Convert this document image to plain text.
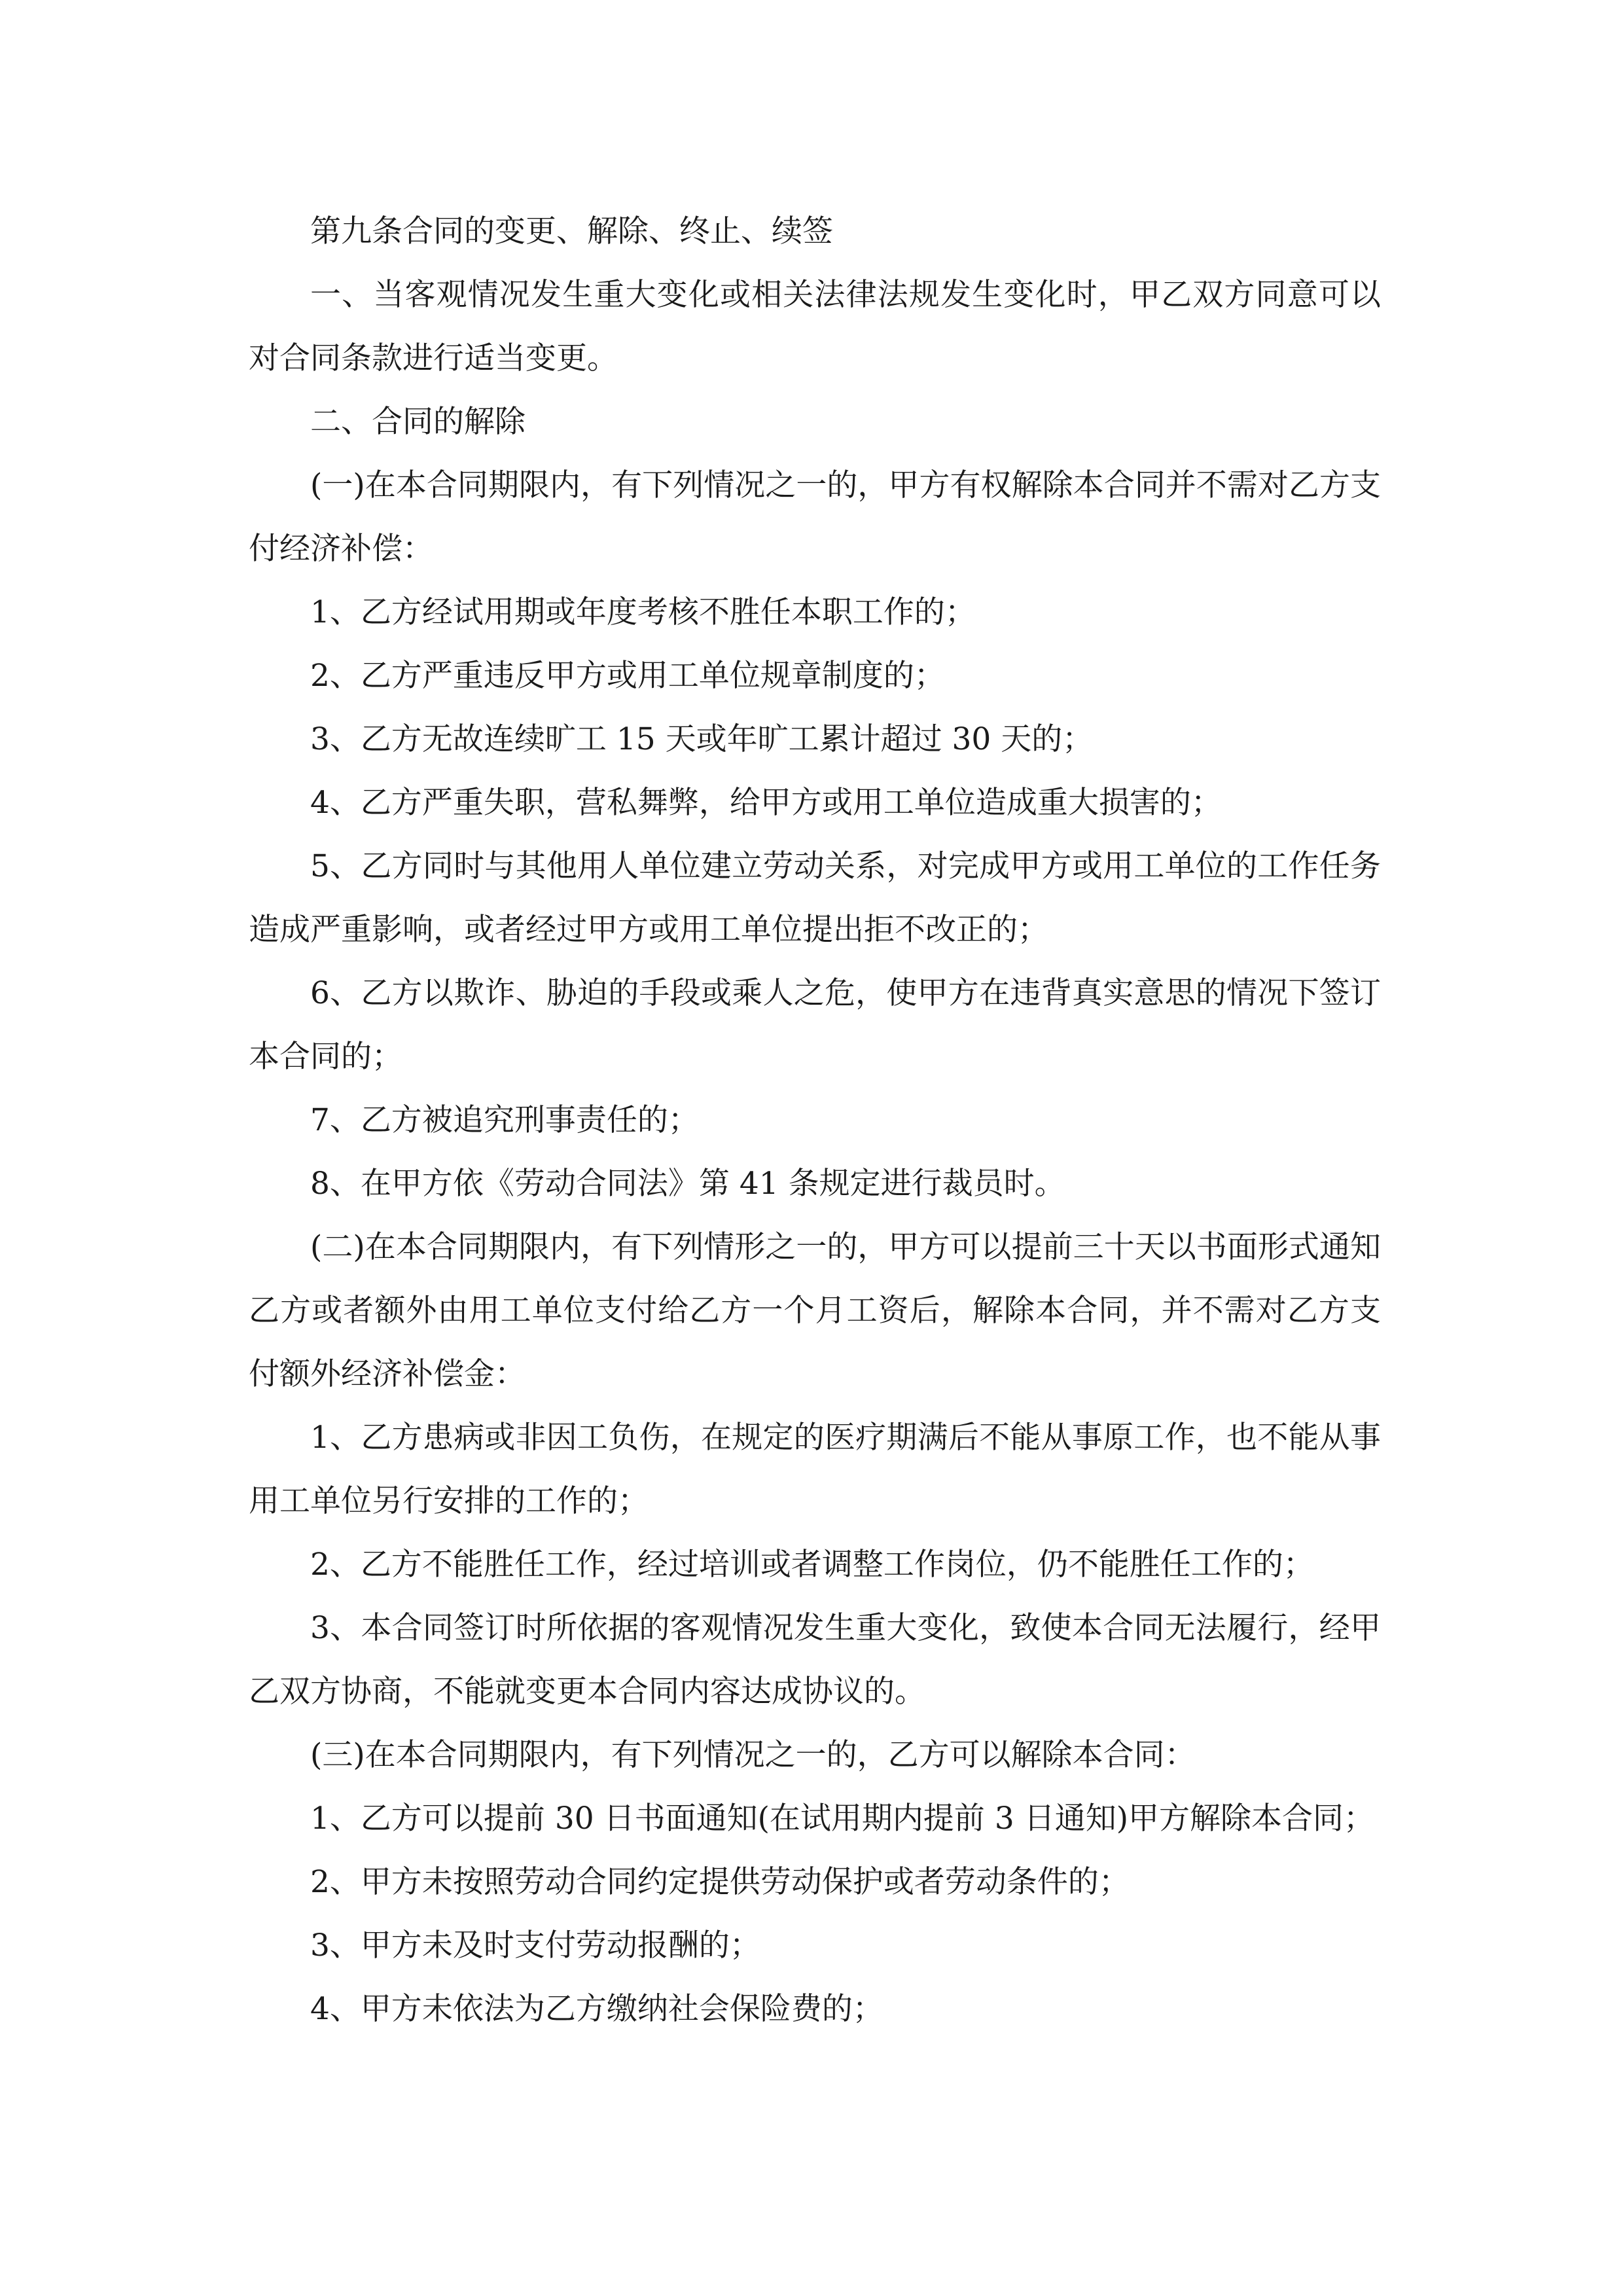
第九条合同的变更、解除、终止、续签

一、当客观情况发生重大变化或相关法律法规发生变化时，甲乙双方同意可以对合同条款进行适当变更。

二、合同的解除

(一)在本合同期限内，有下列情况之一的，甲方有权解除本合同并不需对乙方支付经济补偿：

1、乙方经试用期或年度考核不胜任本职工作的；

2、乙方严重违反甲方或用工单位规章制度的；

3、乙方无故连续旷工 15 天或年旷工累计超过 30 天的；

4、乙方严重失职，营私舞弊，给甲方或用工单位造成重大损害的；

5、乙方同时与其他用人单位建立劳动关系，对完成甲方或用工单位的工作任务造成严重影响，或者经过甲方或用工单位提出拒不改正的；

6、乙方以欺诈、胁迫的手段或乘人之危，使甲方在违背真实意思的情况下签订本合同的；

7、乙方被追究刑事责任的；

8、在甲方依《劳动合同法》第 41 条规定进行裁员时。

(二)在本合同期限内，有下列情形之一的，甲方可以提前三十天以书面形式通知乙方或者额外由用工单位支付给乙方一个月工资后，解除本合同，并不需对乙方支付额外经济补偿金：

1、乙方患病或非因工负伤，在规定的医疗期满后不能从事原工作，也不能从事用工单位另行安排的工作的；

2、乙方不能胜任工作，经过培训或者调整工作岗位，仍不能胜任工作的；

3、本合同签订时所依据的客观情况发生重大变化，致使本合同无法履行，经甲乙双方协商，不能就变更本合同内容达成协议的。

(三)在本合同期限内，有下列情况之一的，乙方可以解除本合同：

1、乙方可以提前 30 日书面通知(在试用期内提前 3 日通知)甲方解除本合同；

2、甲方未按照劳动合同约定提供劳动保护或者劳动条件的；

3、甲方未及时支付劳动报酬的；

4、甲方未依法为乙方缴纳社会保险费的；
